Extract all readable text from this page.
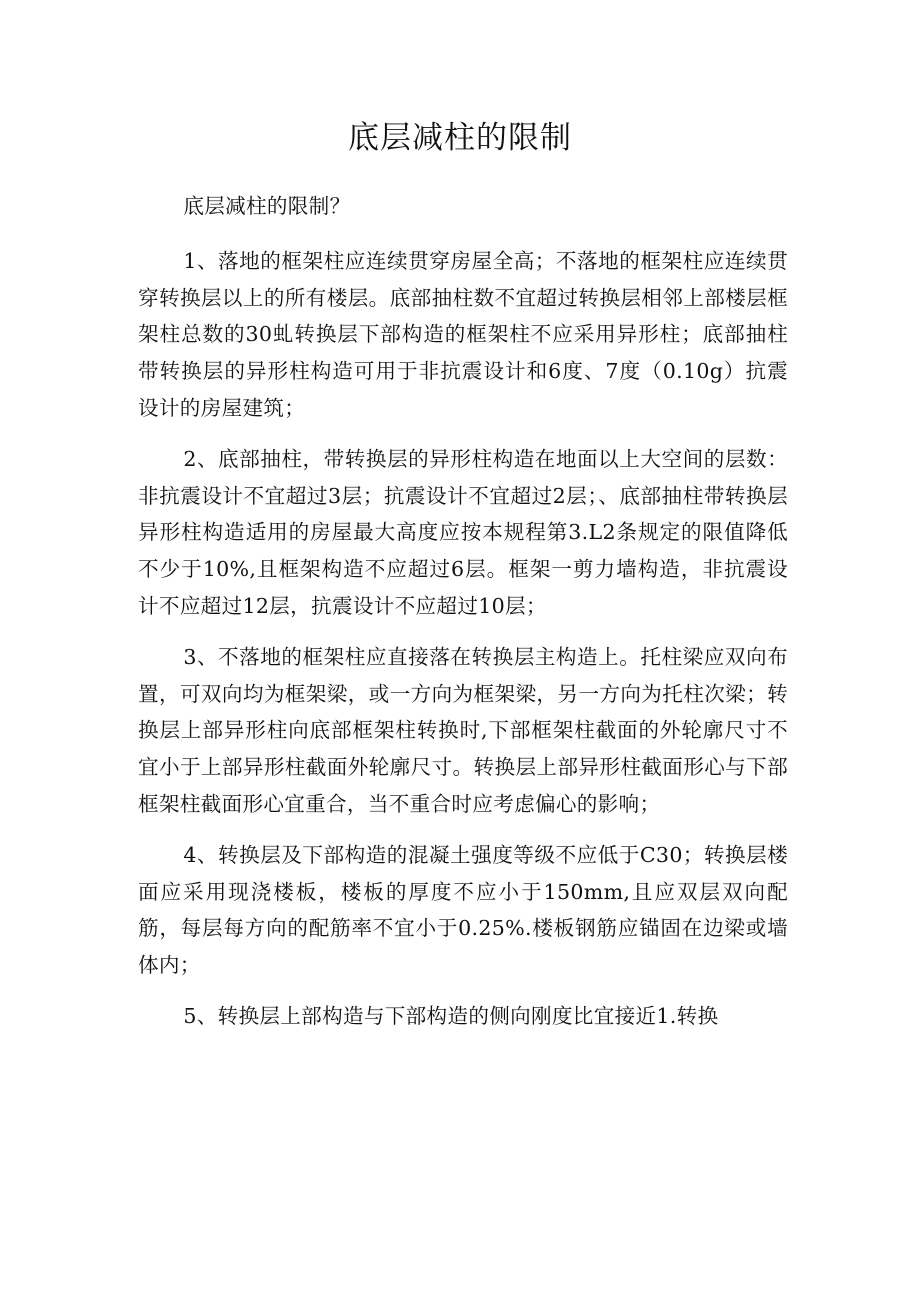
底层减柱的限制

底层减柱的限制？

1、落地的框架柱应连续贯穿房屋全高；不落地的框架柱应连续贯穿转换层以上的所有楼层。底部抽柱数不宜超过转换层相邻上部楼层框架柱总数的30虬转换层下部构造的框架柱不应采用异形柱；底部抽柱带转换层的异形柱构造可用于非抗震设计和6度、7度（0.10g）抗震设计的房屋建筑；

2、底部抽柱，带转换层的异形柱构造在地面以上大空间的层数：非抗震设计不宜超过3层；抗震设计不宜超过2层；、底部抽柱带转换层异形柱构造适用的房屋最大高度应按本规程第3.L2条规定的限值降低不少于10%,且框架构造不应超过6层。框架一剪力墙构造，非抗震设计不应超过12层，抗震设计不应超过10层；

3、不落地的框架柱应直接落在转换层主构造上。托柱梁应双向布置，可双向均为框架梁，或一方向为框架梁，另一方向为托柱次梁；转换层上部异形柱向底部框架柱转换时,下部框架柱截面的外轮廓尺寸不宜小于上部异形柱截面外轮廓尺寸。转换层上部异形柱截面形心与下部框架柱截面形心宜重合，当不重合时应考虑偏心的影响；

4、转换层及下部构造的混凝土强度等级不应低于C30；转换层楼面应采用现浇楼板，楼板的厚度不应小于150mm,且应双层双向配筋，每层每方向的配筋率不宜小于0.25%.楼板钢筋应锚固在边梁或墙体内；

5、转换层上部构造与下部构造的侧向刚度比宜接近1.转换
